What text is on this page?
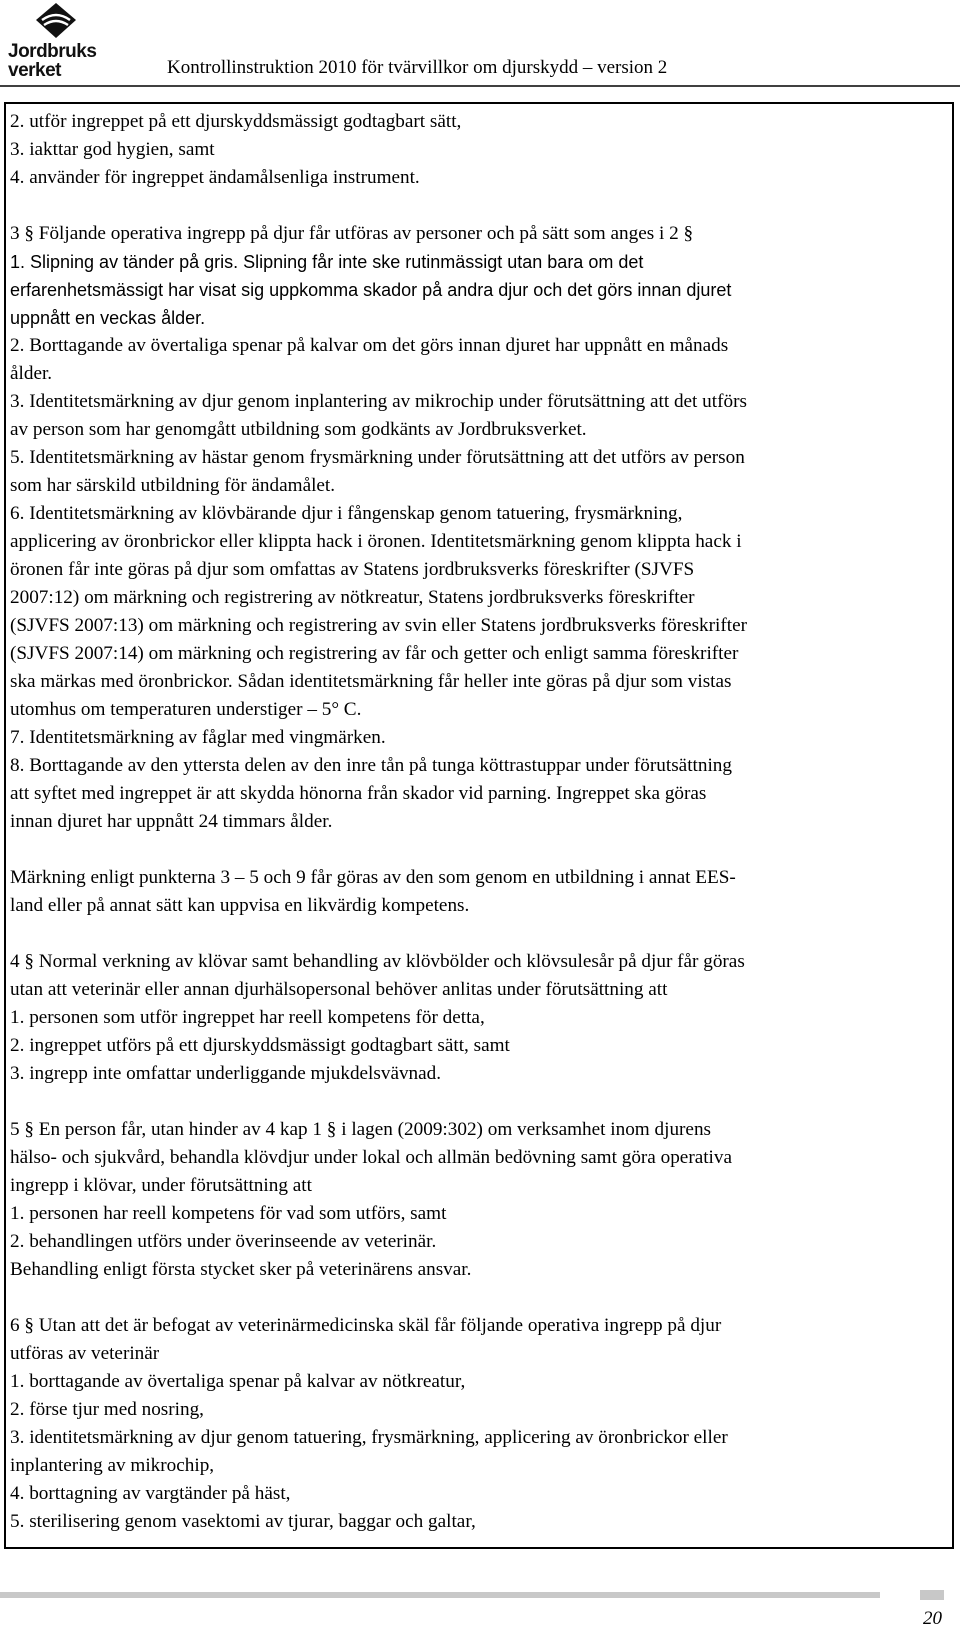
Jordbruks
verket	Kontrollinstruktion 2010 för tvärvillkor om djurskydd – version 2
2. utför ingreppet på ett djurskyddsmässigt godtagbart sätt,
3. iakttar god hygien, samt
4. använder för ingreppet ändamålsenliga instrument.
3 § Följande operativa ingrepp på djur får utföras av personer och på sätt som anges i 2 §
1. Slipning av tänder på gris. Slipning får inte ske rutinmässigt utan bara om det
erfarenhetsmässigt har visat sig uppkomma skador på andra djur och det görs innan djuret
uppnått en veckas ålder.
2. Borttagande av övertaliga spenar på kalvar om det görs innan djuret har uppnått en månads
ålder.
3. Identitetsmärkning av djur genom inplantering av mikrochip under förutsättning att det utförs
av person som har genomgått utbildning som godkänts av Jordbruksverket.
5. Identitetsmärkning av hästar genom frysmärkning under förutsättning att det utförs av person
som har särskild utbildning för ändamålet.
6. Identitetsmärkning av klövbärande djur i fångenskap genom tatuering, frysmärkning,
applicering av öronbrickor eller klippta hack i öronen. Identitetsmärkning genom klippta hack i
öronen får inte göras på djur som omfattas av Statens jordbruksverks föreskrifter (SJVFS
2007:12) om märkning och registrering av nötkreatur, Statens jordbruksverks föreskrifter
(SJVFS 2007:13) om märkning och registrering av svin eller Statens jordbruksverks föreskrifter
(SJVFS 2007:14) om märkning och registrering av får och getter och enligt samma föreskrifter
ska märkas med öronbrickor. Sådan identitetsmärkning får heller inte göras på djur som vistas
utomhus om temperaturen understiger – 5° C.
7. Identitetsmärkning av fåglar med vingmärken.
8. Borttagande av den yttersta delen av den inre tån på tunga köttrastuppar under förutsättning
att syftet med ingreppet är att skydda hönorna från skador vid parning. Ingreppet ska göras
innan djuret har uppnått 24 timmars ålder.
Märkning enligt punkterna 3 – 5 och 9 får göras av den som genom en utbildning i annat EES-
land eller på annat sätt kan uppvisa en likvärdig kompetens.
4 § Normal verkning av klövar samt behandling av klövbölder och klövsulesår på djur får göras
utan att veterinär eller annan djurhälsopersonal behöver anlitas under förutsättning att
1. personen som utför ingreppet har reell kompetens för detta,
2. ingreppet utförs på ett djurskyddsmässigt godtagbart sätt, samt
3. ingrepp inte omfattar underliggande mjukdelsvävnad.
5 § En person får, utan hinder av 4 kap 1 § i lagen (2009:302) om verksamhet inom djurens
hälso- och sjukvård, behandla klövdjur under lokal och allmän bedövning samt göra operativa
ingrepp i klövar, under förutsättning att
1. personen har reell kompetens för vad som utförs, samt
2. behandlingen utförs under överinseende av veterinär.
Behandling enligt första stycket sker på veterinärens ansvar.
6 § Utan att det är befogat av veterinärmedicinska skäl får följande operativa ingrepp på djur
utföras av veterinär
1. borttagande av övertaliga spenar på kalvar av nötkreatur,
2. förse tjur med nosring,
3. identitetsmärkning av djur genom tatuering, frysmärkning, applicering av öronbrickor eller
inplantering av mikrochip,
4. borttagning av vargtänder på häst,
5. sterilisering genom vasektomi av tjurar, baggar och galtar,
20
